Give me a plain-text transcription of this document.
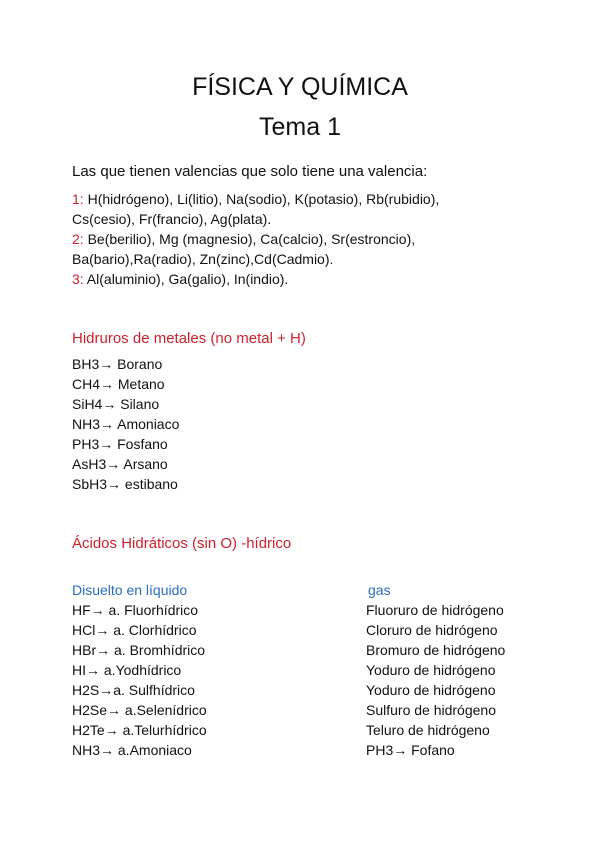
FÍSICA Y QUÍMICA
Tema 1
Las que tienen valencias que solo tiene una valencia:
1: H(hidrógeno), Li(litio), Na(sodio), K(potasio), Rb(rubidio),
Cs(cesio), Fr(francio), Ag(plata).
2: Be(berilio), Mg (magnesio), Ca(calcio), Sr(estroncio),
Ba(bario),Ra(radio), Zn(zinc),Cd(Cadmio).
3: Al(aluminio), Ga(galio), In(indio).
Hidruros de metales (no metal + H)
BH3→ Borano
CH4→ Metano
SiH4→ Silano
NH3→ Amoniaco
PH3→ Fosfano
AsH3→ Arsano
SbH3→ estibano
Ácidos Hidráticos (sin O) -hídrico
Disuelto en líquido	gas
HF→ a. Fluorhídrico
HCl→ a. Clorhídrico
HBr→ a. Bromhídrico
HI→ a.Yodhídrico
H2S→a. Sulfhídrico
H2Se→ a.Selenídrico
H2Te→ a.Telurhídrico
NH3→ a.Amoniaco
Fluoruro de hidrógeno
Cloruro de hidrógeno
Bromuro de hidrógeno
Yoduro de hidrógeno
Yoduro de hidrógeno
Sulfuro de hidrógeno
Teluro de hidrógeno
PH3→ Fofano
